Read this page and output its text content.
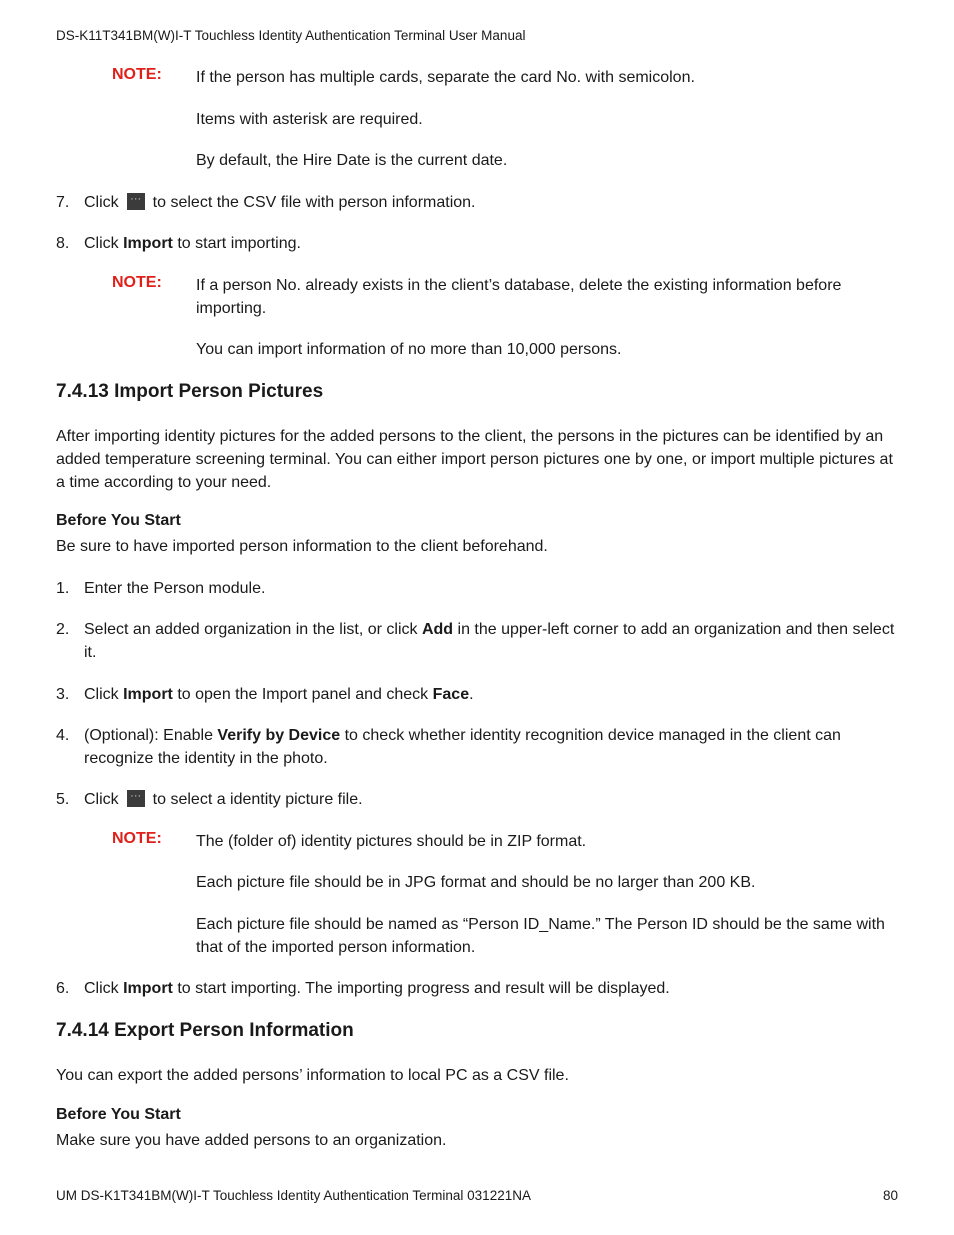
DS-K11T341BM(W)I-T Touchless Identity Authentication Terminal User Manual
NOTE: If the person has multiple cards, separate the card No. with semicolon.
Items with asterisk are required.
By default, the Hire Date is the current date.
7. Click ··· to select the CSV file with person information.
8. Click Import to start importing.
NOTE: If a person No. already exists in the client’s database, delete the existing information before importing.
You can import information of no more than 10,000 persons.
7.4.13 Import Person Pictures
After importing identity pictures for the added persons to the client, the persons in the pictures can be identified by an added temperature screening terminal. You can either import person pictures one by one, or import multiple pictures at a time according to your need.
Before You Start
Be sure to have imported person information to the client beforehand.
1. Enter the Person module.
2. Select an added organization in the list, or click Add in the upper-left corner to add an organization and then select it.
3. Click Import to open the Import panel and check Face.
4. (Optional): Enable Verify by Device to check whether identity recognition device managed in the client can recognize the identity in the photo.
5. Click ··· to select a identity picture file.
NOTE: The (folder of) identity pictures should be in ZIP format.
Each picture file should be in JPG format and should be no larger than 200 KB.
Each picture file should be named as “Person ID_Name.” The Person ID should be the same with that of the imported person information.
6. Click Import to start importing. The importing progress and result will be displayed.
7.4.14 Export Person Information
You can export the added persons’ information to local PC as a CSV file.
Before You Start
Make sure you have added persons to an organization.
UM DS-K1T341BM(W)I-T Touchless Identity Authentication Terminal 031221NA	80
